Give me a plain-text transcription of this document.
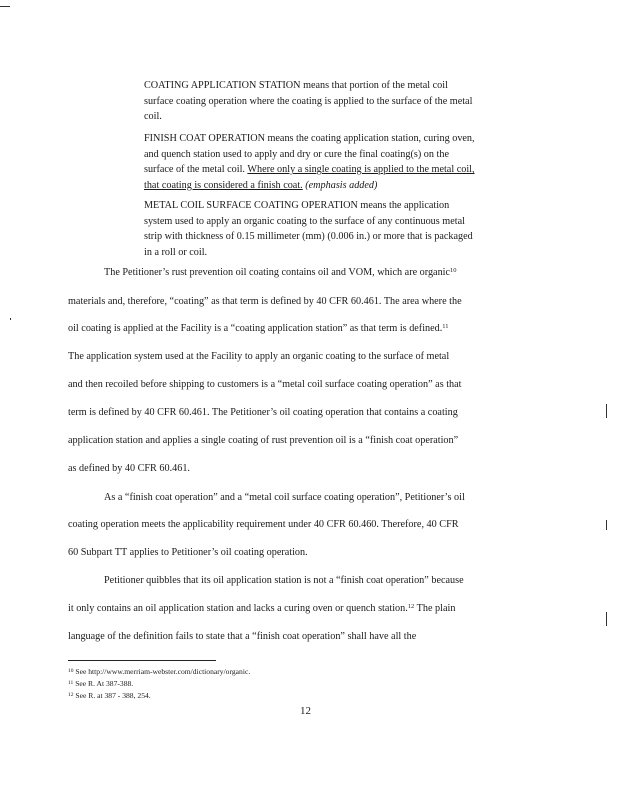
COATING APPLICATION STATION means that portion of the metal coil
surface coating operation where the coating is applied to the surface of the metal
coil.
FINISH COAT OPERATION means the coating application station, curing oven,
and quench station used to apply and dry or cure the final coating(s) on the
surface of the metal coil. Where only a single coating is applied to the metal coil,
that coating is considered a finish coat. (emphasis added)
METAL COIL SURFACE COATING OPERATION means the application
system used to apply an organic coating to the surface of any continuous metal
strip with thickness of 0.15 millimeter (mm) (0.006 in.) or more that is packaged
in a roll or coil.
The Petitioner’s rust prevention oil coating contains oil and VOM, which are organic$^{10}$
materials and, therefore, “coating” as that term is defined by 40 CFR 60.461. The area where the
oil coating is applied at the Facility is a “coating application station” as that term is defined.$^{11}$
The application system used at the Facility to apply an organic coating to the surface of metal
and then recoiled before shipping to customers is a “metal coil surface coating operation” as that
term is defined by 40 CFR 60.461. The Petitioner’s oil coating operation that contains a coating
application station and applies a single coating of rust prevention oil is a “finish coat operation”
as defined by 40 CFR 60.461.
As a “finish coat operation” and a “metal coil surface coating operation”, Petitioner’s oil
coating operation meets the applicability requirement under 40 CFR 60.460. Therefore, 40 CFR
60 Subpart TT applies to Petitioner’s oil coating operation.
Petitioner quibbles that its oil application station is not a “finish coat operation” because
it only contains an oil application station and lacks a curing oven or quench station.$^{12}$ The plain
language of the definition fails to state that a “finish coat operation” shall have all the
$^{10}$ See http://www.merriam-webster.com/dictionary/organic.
$^{11}$ See R. At 387-388.
$^{12}$ See R. at 387 - 388, 254.
12
